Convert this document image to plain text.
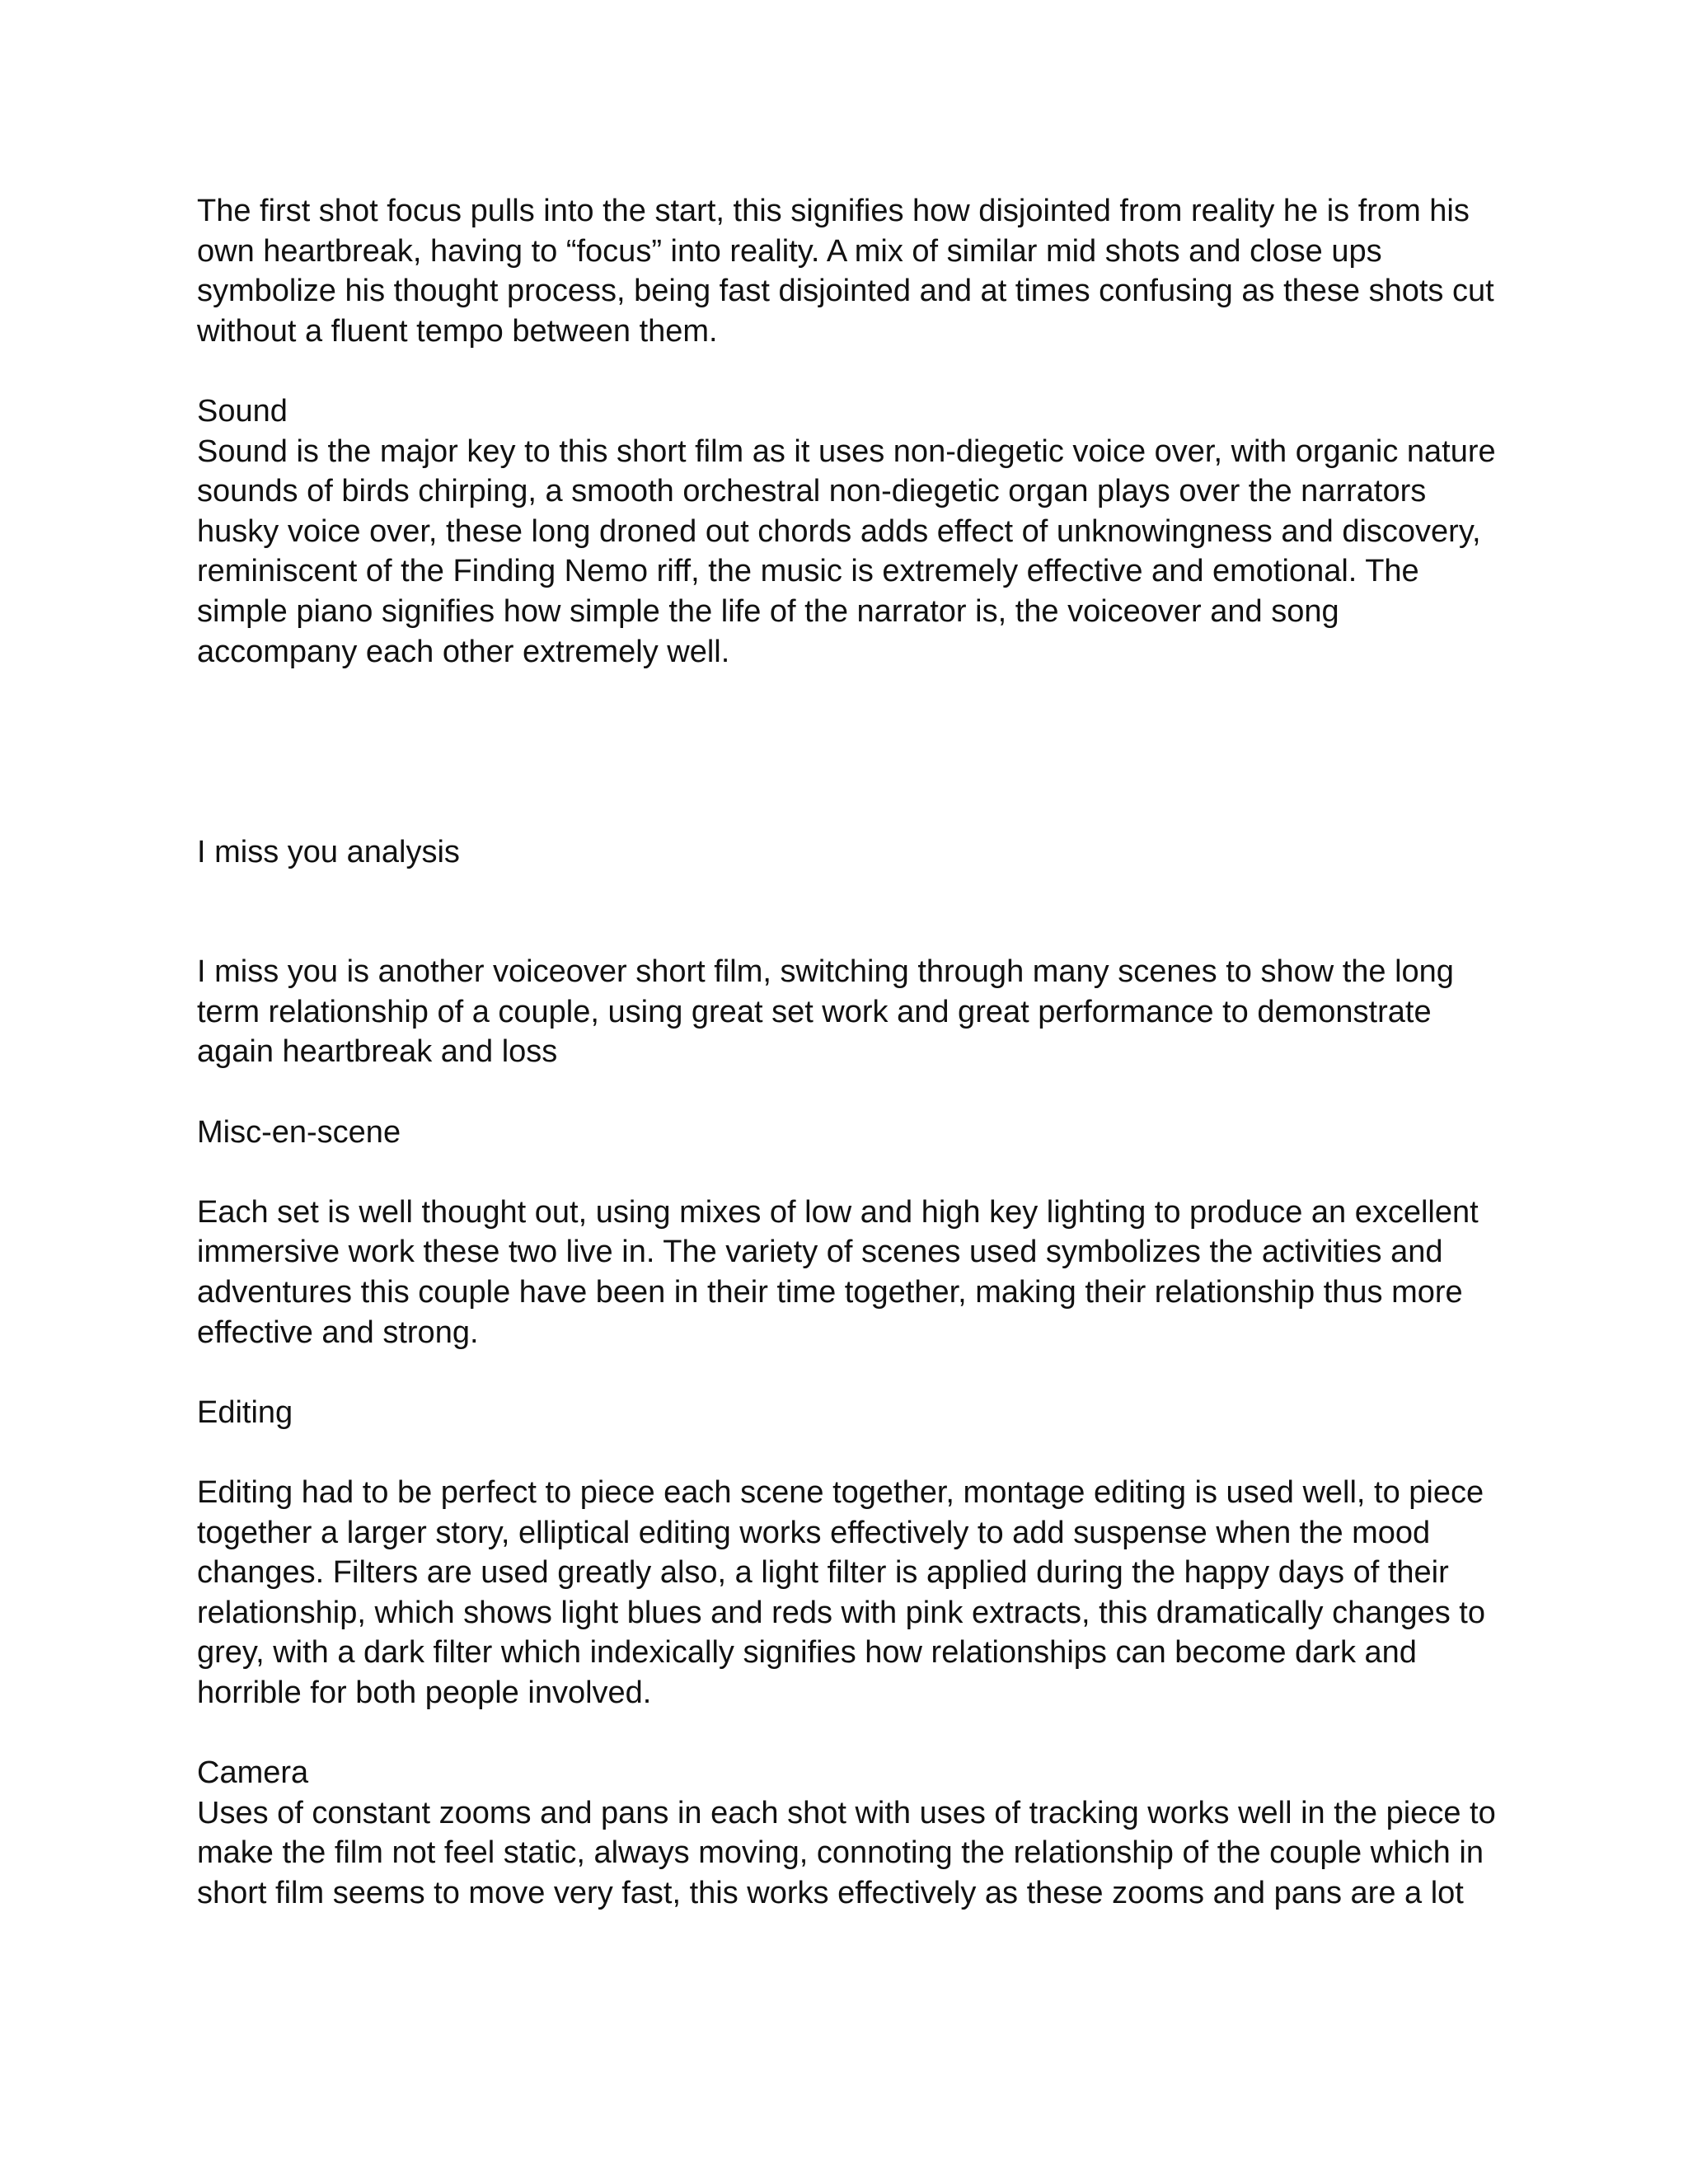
The first shot focus pulls into the start, this signifies how disjointed from reality he is from his own heartbreak, having to “focus” into reality. A mix of similar mid shots and close ups symbolize his thought process, being fast disjointed and at times confusing as these shots cut without a fluent tempo between them.

Sound

Sound is the major key to this short film as it uses non-diegetic voice over, with organic nature sounds of birds chirping, a smooth orchestral non-diegetic organ plays over the narrators husky voice over, these long droned out chords adds effect of unknowingness and discovery, reminiscent of the Finding Nemo riff, the music is extremely effective and emotional. The simple piano signifies how simple the life of the narrator is, the voiceover and song accompany each other extremely well.

I miss you analysis

I miss you is another voiceover short film, switching through many scenes to show the long term relationship of a couple, using great set work and great performance to demonstrate again heartbreak and loss

Misc-en-scene

Each set is well thought out, using mixes of low and high key lighting to produce an excellent immersive work these two live in. The variety of scenes used symbolizes the activities and adventures this couple have been in their time together, making their relationship thus more effective and strong.

Editing

Editing had to be perfect to piece each scene together, montage editing is used well, to piece together a larger story, elliptical editing works effectively to add suspense when the mood changes. Filters are used greatly also, a light filter is applied during the happy days of their relationship, which shows light blues and reds with pink extracts, this dramatically changes to grey, with a dark filter which indexically signifies how relationships can become dark and horrible for both people involved.

Camera

Uses of constant zooms and pans in each shot with uses of tracking works well in the piece to make the film not feel static, always moving, connoting the relationship of the couple which in short film seems to move very fast, this works effectively as these zooms and pans are a lot
